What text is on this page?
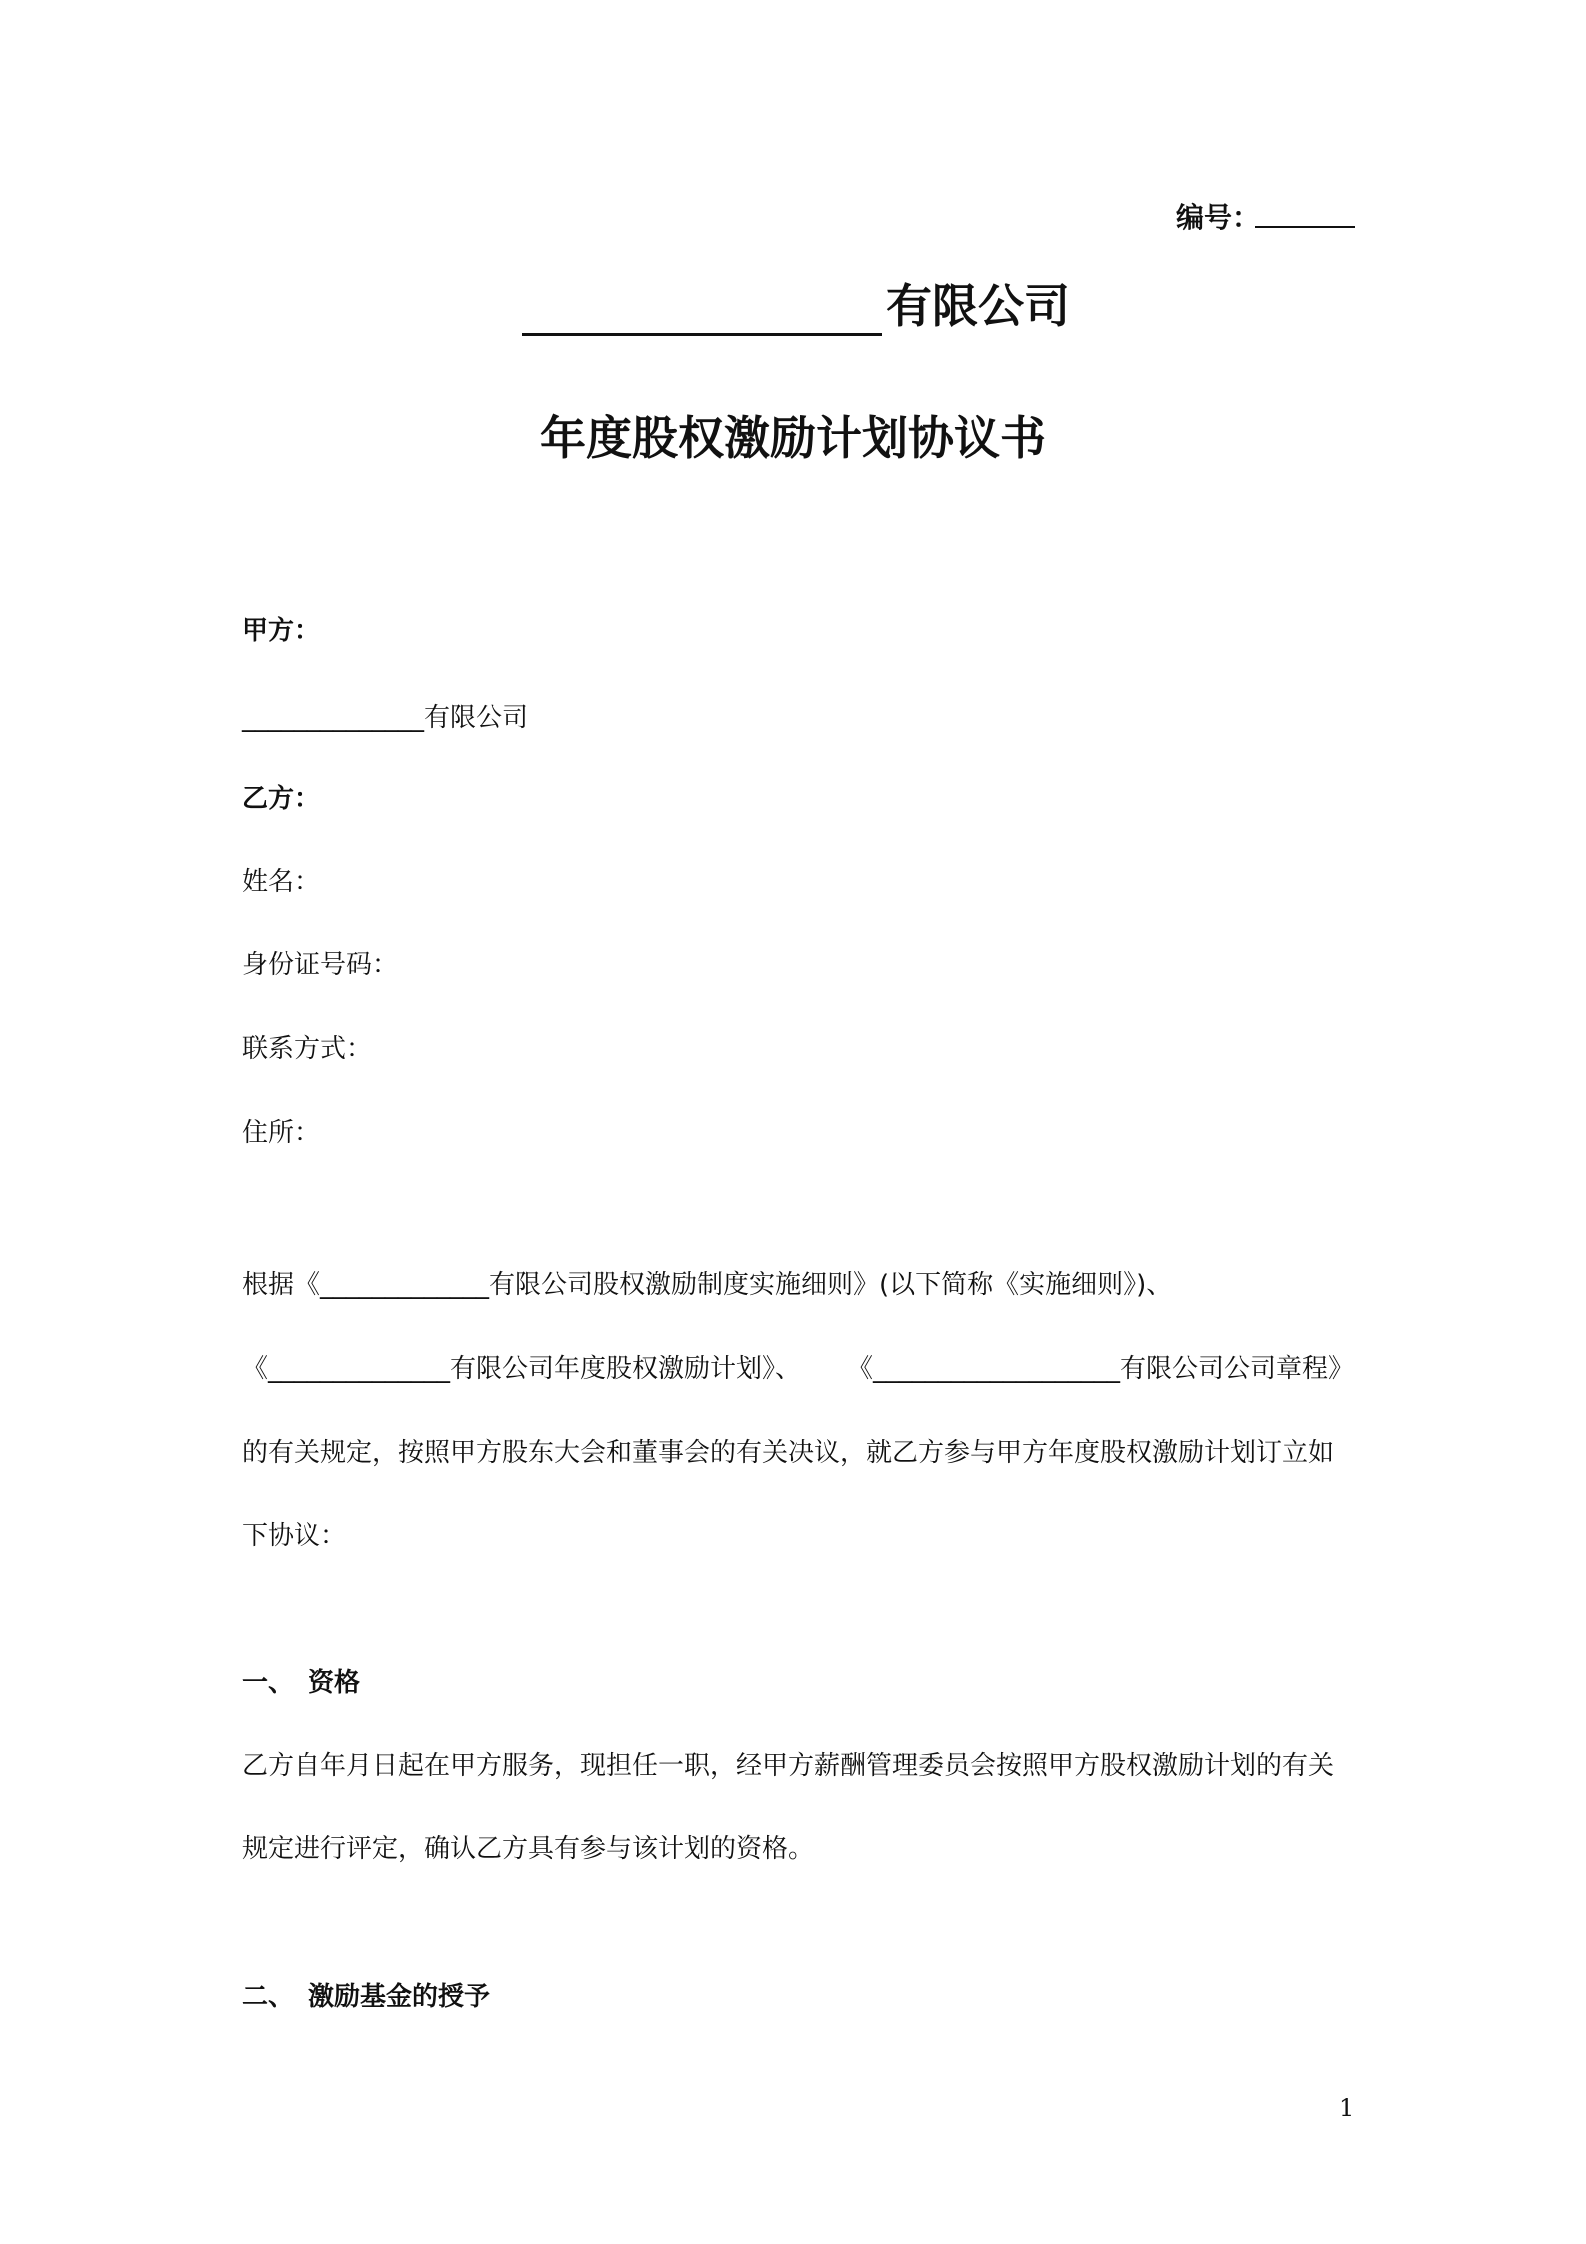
编号：
有限公司
年度股权激励计划协议书
甲方：
______________有限公司
乙方：
姓名：
身份证号码：
联系方式：
住所：
根据《_____________有限公司股权激励制度实施细则》(以下简称《实施细则》)、
《______________有限公司年度股权激励计划》、 《___________________有限公司公司章程》
的有关规定，按照甲方股东大会和董事会的有关决议，就乙方参与甲方年度股权激励计划订立如
下协议：
一、 资格
乙方自年月日起在甲方服务，现担任一职，经甲方薪酬管理委员会按照甲方股权激励计划的有关
规定进行评定，确认乙方具有参与该计划的资格。
二、 激励基金的授予
1
